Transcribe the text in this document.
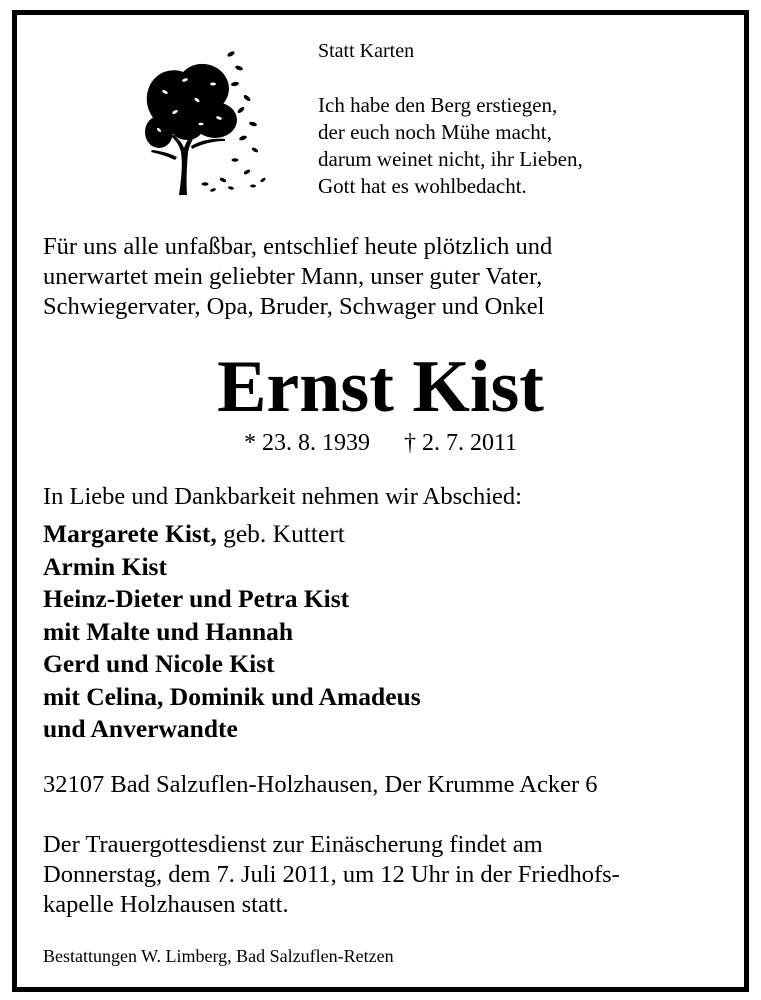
Statt Karten
Ich habe den Berg erstiegen,
der euch noch Mühe macht,
darum weinet nicht, ihr Lieben,
Gott hat es wohlbedacht.
Für uns alle unfaßbar, entschlief heute plötzlich und
unerwartet mein geliebter Mann, unser guter Vater,
Schwiegervater, Opa, Bruder, Schwager und Onkel
Ernst Kist
* 23. 8. 1939 † 2. 7. 2011
In Liebe und Dankbarkeit nehmen wir Abschied:
Margarete Kist, geb. Kuttert
Armin Kist
Heinz-Dieter und Petra Kist
mit Malte und Hannah
Gerd und Nicole Kist
mit Celina, Dominik und Amadeus
und Anverwandte
32107 Bad Salzuflen-Holzhausen, Der Krumme Acker 6
Der Trauergottesdienst zur Einäscherung findet am
Donnerstag, dem 7. Juli 2011, um 12 Uhr in der Friedhofs-
kapelle Holzhausen statt.
Bestattungen W. Limberg, Bad Salzuflen-Retzen
